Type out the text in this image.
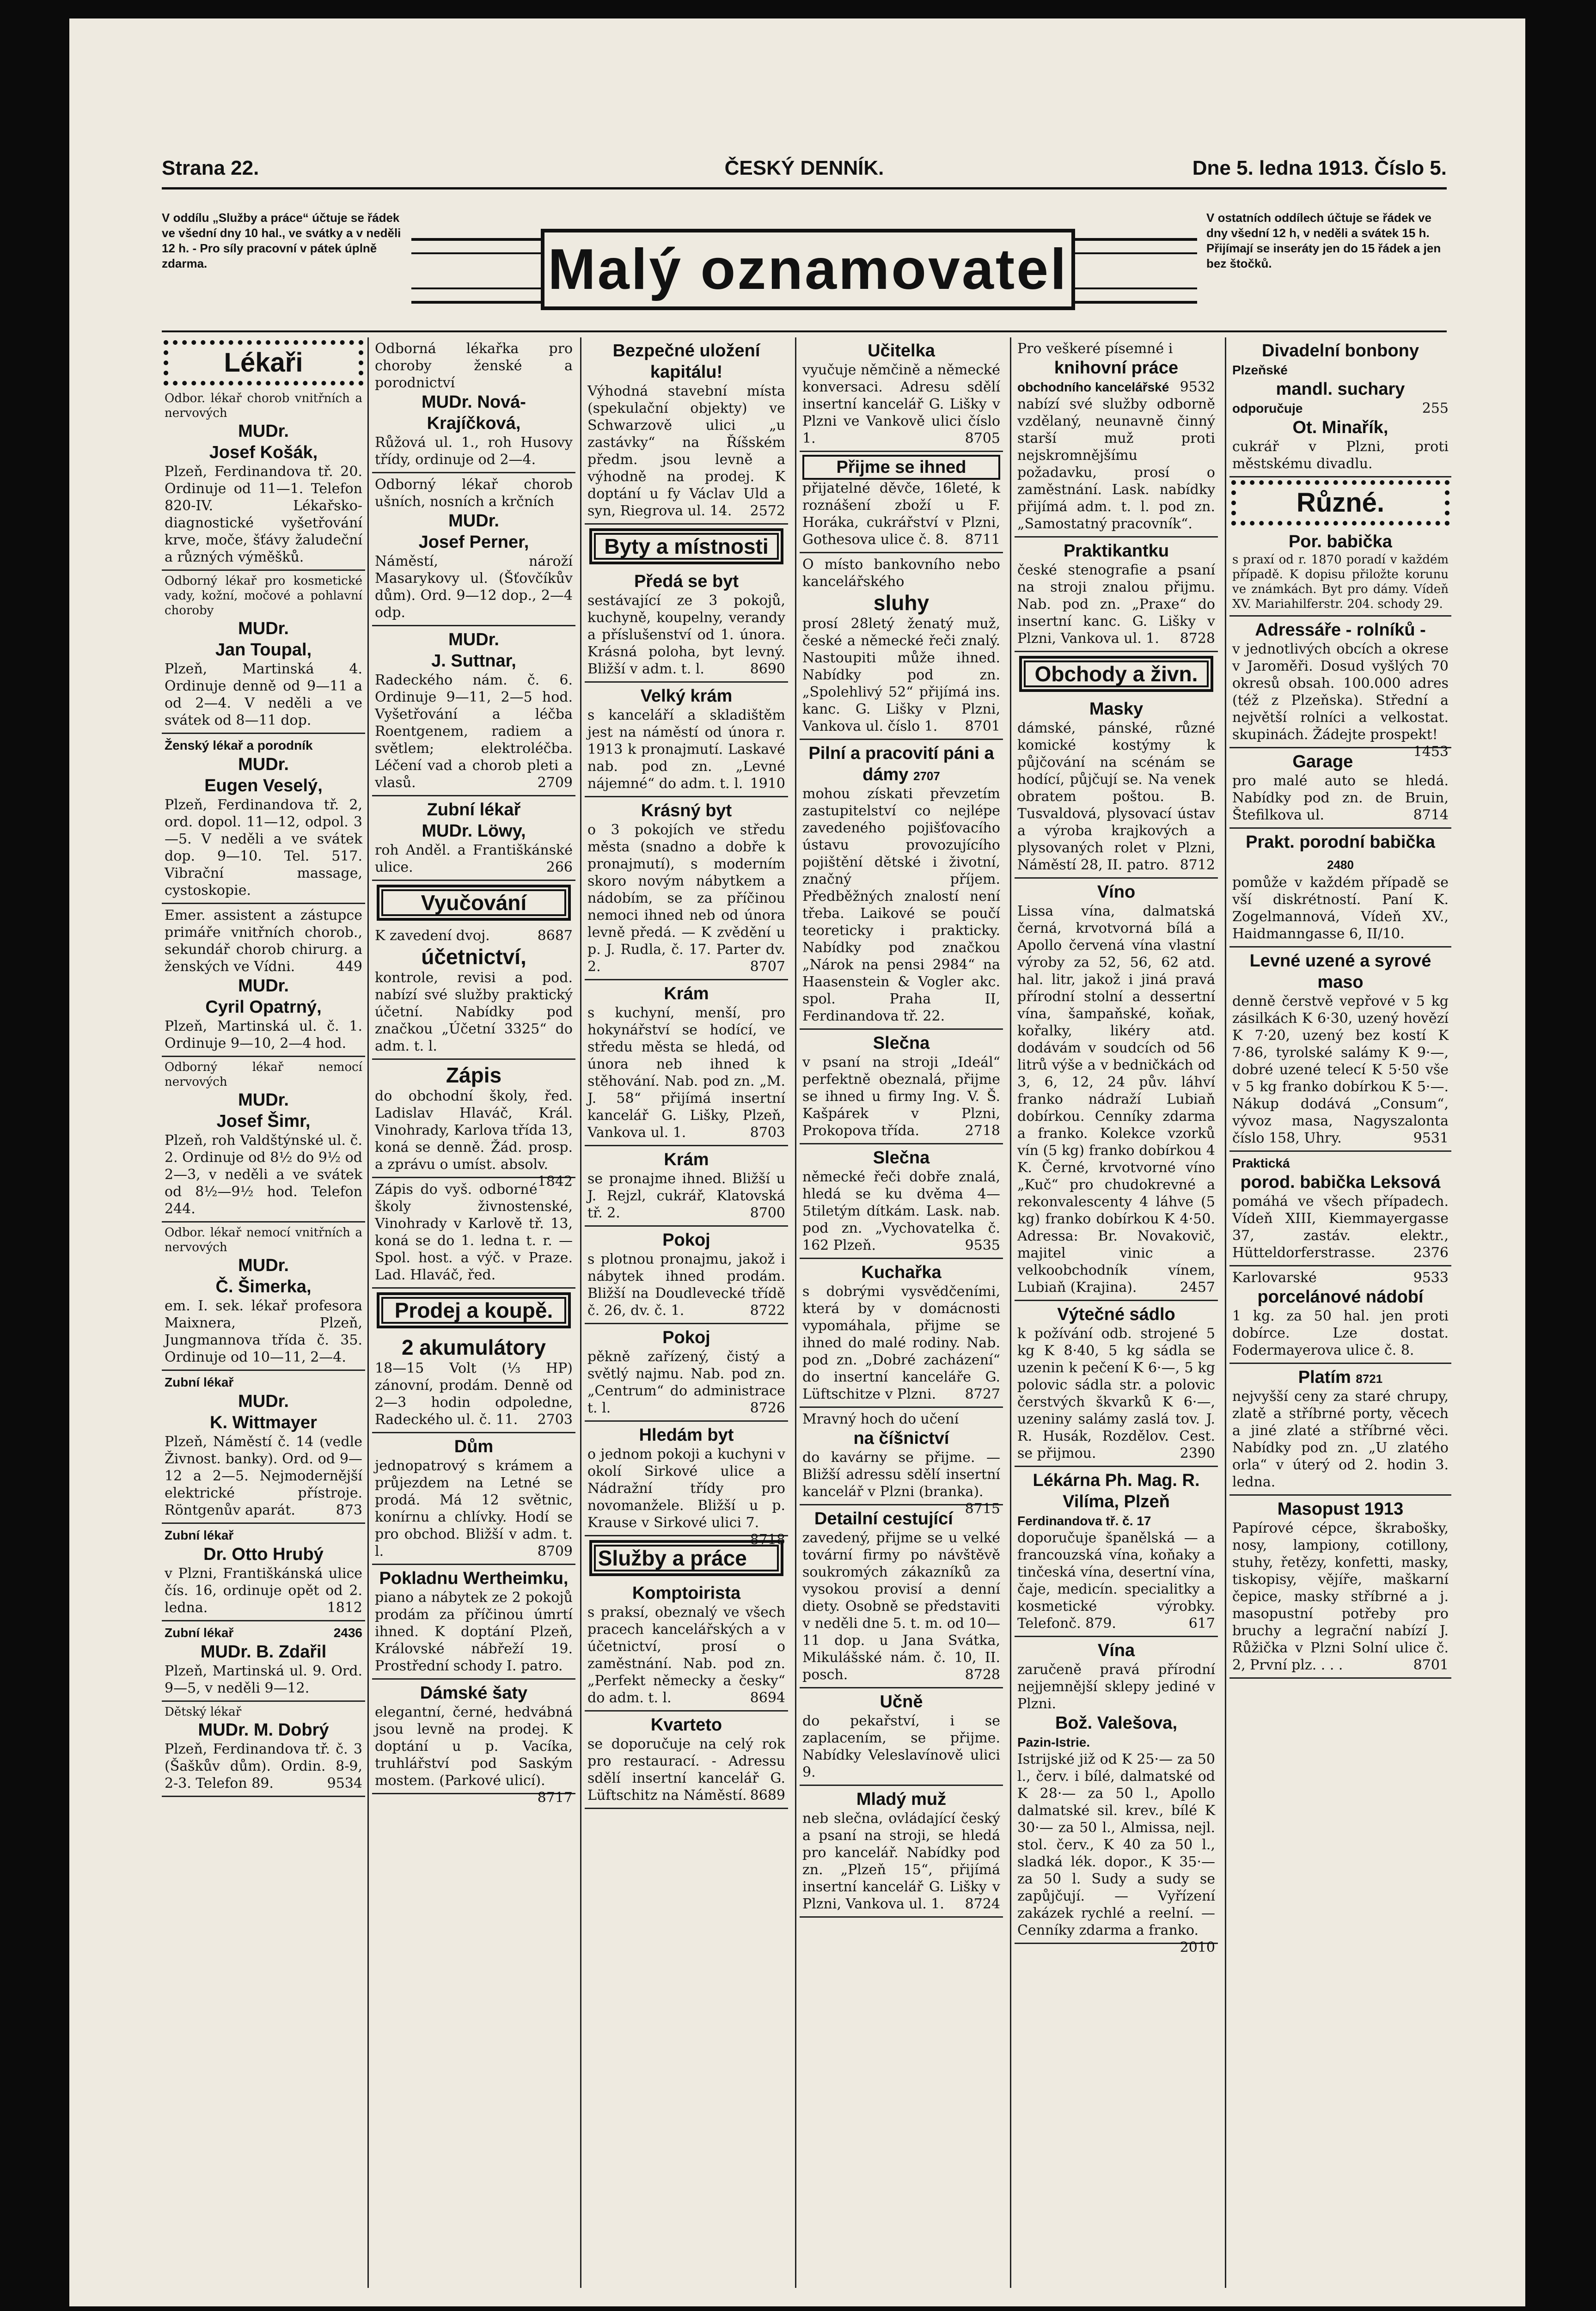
Strana 22.	ČESKÝ DENNÍK.	Dne 5. ledna 1913. Číslo 5.
V oddílu „Služby a práce“ účtuje se řádek ve všední dny 10 hal., ve svátky a v neděli 12 h. - Pro síly pracovní v pátek úplně zdarma.	Malý oznamovatel
V ostatních oddílech účtuje se řádek ve dny všední 12 h, v neděli a svátek 15 h. Přijímají se inseráty jen do 15 řádek a jen bez štočků.
Lékaři

Odbor. lékař chorob vnitřních a nervových

MUDr.
Josef Košák,

Plzeň, Ferdinandova tř. 20. Ordinuje od 11—1. Telefon 820-IV. Lékařsko-diagnostické vyšetřování krve, moče, šťávy žaludeční a různých výměšků.

Odborný lékař pro kosmetické vady, kožní, močové a pohlavní choroby

MUDr.
Jan Toupal,

Plzeň, Martinská 4. Ordinuje denně od 9—11 a od 2—4. V neděli a ve svátek od 8—11 dop.

Ženský lékař a porodník

MUDr.
Eugen Veselý,

Plzeň, Ferdinandova tř. 2, ord. dopol. 11—12, odpol. 3—5. V neděli a ve svátek dop. 9—10. Tel. 517. Vibrační massage, cystoskopie.

Emer. assistent a zástupce primáře vnitřních chorob., sekundář chorob chirurg. a ženských ve Vídni.	449

MUDr.
Cyril Opatrný,

Plzeň, Martinská ul. č. 1. Ordinuje 9—10, 2—4 hod.

Odborný lékař nemocí nervových

MUDr.
Josef Šimr,

Plzeň, roh Valdštýnské ul. č. 2. Ordinuje od 8½ do 9½ od 2—3, v neděli a ve svátek od 8½—9½ hod. Telefon 244.

Odbor. lékař nemocí vnitřních a nervových

MUDr.
Č. Šimerka,

em. I. sek. lékař profesora Maixnera, Plzeň, Jungmannova třída č. 35. Ordinuje od 10—11, 2—4.

Zubní lékař

MUDr.
K. Wittmayer

Plzeň, Náměstí č. 14 (vedle Živnost. banky). Ord. od 9—12 a 2—5. Nejmodernější elektrické přístroje. Röntgenův aparát.	873

Zubní lékař

Dr. Otto Hrubý

v Plzni, Františkánská ulice čís. 16, ordinuje opět od 2. ledna.	1812

Zubní lékař	2436

MUDr. B. Zdařil

Plzeň, Martinská ul. 9. Ord. 9—5, v neděli 9—12.

Dětský lékař

MUDr. M. Dobrý

Plzeň, Ferdinandova tř. č. 3 (Šaškův dům). Ordin. 8-9, 2-3. Telefon 89.	9534

Odborná lékařka pro choroby ženské a porodnictví

MUDr. Nová-Krajíčková,

Růžová ul. 1., roh Husovy třídy, ordinuje od 2—4.

Odborný lékař chorob ušních, nosních a krčních

MUDr.
Josef Perner,

Náměstí, nároží Masarykovy ul. (Šťovčíkův dům). Ord. 9—12 dop., 2—4 odp.

MUDr.
J. Suttnar,

Radeckého nám. č. 6. Ordinuje 9—11, 2—5 hod. Vyšetřování a léčba Roentgenem, radiem a světlem; elektroléčba. Léčení vad a chorob pleti a vlasů.	2709

Zubní lékař
MUDr. Löwy,

roh Anděl. a Františkánské ulice.	266

Vyučování

K zavedení dvoj.	8687

účetnictví,

kontrole, revisi a pod. nabízí své služby praktický účetní. Nabídky pod značkou „Účetní 3325“ do adm. t. l.

Zápis

do obchodní školy, řed. Ladislav Hlaváč, Král. Vinohrady, Karlova třída 13, koná se denně. Žád. prosp. a zprávu o umíst. absolv.
1842

Zápis do vyš. odborné školy živnostenské, Vinohrady v Karlově tř. 13, koná se do 1. ledna t. r. — Spol. host. a výč. v Praze. Lad. Hlaváč, řed.

Prodej a koupě.
2 akumulátory

18—15 Volt (⅓ HP) zánovní, prodám. Denně od 2—3 hodin odpoledne, Radeckého ul. č. 11. 2703

Dům

jednopatrový s krámem a průjezdem na Letné se prodá. Má 12 světnic, konírnu a chlívky. Hodí se pro obchod. Bližší v adm. t. l.	8709

Pokladnu Wertheimku,

piano a nábytek ze 2 pokojů prodám za příčinou úmrtí ihned. K doptání Plzeň, Královské nábřeží 19. Prostřední schody I. patro.

Dámské šaty

elegantní, černé, hedvábná jsou levně na prodej. K doptání u p. Vacíka, truhlářství pod Saským mostem. (Parkové ulicí).
8717

Bezpečné uložení kapitálu!

Výhodná stavební místa (spekulační objekty) ve Schwarzově ulici „u zastávky“ na Říšském předm. jsou levně a výhodně na prodej. K doptání u fy Václav Uld a syn, Riegrova ul. 14. 2572

Byty a místnosti
Předá se byt

sestávající ze 3 pokojů, kuchyně, koupelny, verandy a příslušenství od 1. února. Krásná poloha, byt levný. Bližší v adm. t. l.	8690

Velký krám

s kanceláří a skladištěm jest na náměstí od února r. 1913 k pronajmutí. Laskavé nab. pod zn. „Levné nájemné“ do adm. t. l. 1910

Krásný byt

o 3 pokojích ve středu města (snadno a dobře k pronajmutí), s moderním skoro novým nábytkem a nádobím, se za příčinou nemoci ihned neb od února levně předá. — K zvědění u p. J. Rudla, č. 17. Parter dv. 2.	8707

Krám

s kuchyní, menší, pro hokynářství se hodící, ve středu města se hledá, od února neb ihned k stěhování. Nab. pod zn. „M. J. 58“ přijímá insertní kancelář G. Lišky, Plzeň, Vankova ul. 1.	8703

Krám

se pronajme ihned. Bližší u J. Rejzl, cukrář, Klatovská tř. 2.	8700

Pokoj

s plotnou pronajmu, jakož i nábytek ihned prodám. Bližší na Doudlevecké třídě č. 26, dv. č. 1.	8722

Pokoj

pěkně zařízený, čistý a světlý najmu. Nab. pod zn. „Centrum“ do administrace t. l.	8726

Hledám byt

o jednom pokoji a kuchyni v okolí Sirkové ulice a Nádražní třídy pro novomanžele. Bližší u p. Krause v Sirkové ulici 7.
8718

Služby a práce
Komptoirista

s praksí, obeznalý ve všech pracech kancelářských a v účetnictví, prosí o zaměstnání. Nab. pod zn. „Perfekt německy a česky“ do adm. t. l.	8694

Kvarteto

se doporučuje na celý rok pro restaurací. - Adressu sdělí insertní kancelář G. Lüftschitz na Náměstí. 8689

Učitelka

vyučuje němčině a německé konversaci. Adresu sdělí insertní kancelář G. Lišky v Plzni ve Vankově ulici číslo 1.	8705

Přijme se ihned

přijatelné děvče, 16leté, k roznášení zboží u F. Horáka, cukrářství v Plzni, Gothesova ulice č. 8. 8711

O místo bankovního nebo kancelářského

sluhy

prosí 28letý ženatý muž, české a německé řeči znalý. Nastoupiti může ihned. Nabídky pod zn. „Spolehlivý 52“ přijímá ins. kanc. G. Lišky v Plzni, Vankova ul. číslo 1. 8701

Pilní a pracovití páni a dámy 2707

mohou získati převzetím zastupitelství co nejlépe zavedeného pojišťovacího ústavu provozujícího pojištění dětské i životní, značný příjem. Předběžných znalostí není třeba. Laikové se poučí teoreticky i prakticky. Nabídky pod značkou „Nárok na pensi 2984“ na Haasenstein & Vogler akc. spol. Praha II, Ferdinandova tř. 22.

Slečna

v psaní na stroji „Ideál“ perfektně obeznalá, přijme se ihned u firmy Ing. V. Š. Kašpárek v Plzni, Prokopova třída.	2718

Slečna

německé řeči dobře znalá, hledá se ku dvěma 4—5tiletým dítkám. Lask. nab. pod zn. „Vychovatelka č. 162 Plzeň.	9535

Kuchařka

s dobrými vysvědčeními, která by v domácnosti vypomáhala, přijme se ihned do malé rodiny. Nab. pod zn. „Dobré zacházení“ do insertní kanceláře G. Lüftschitze v Plzni. 8727

Mravný hoch do učení

na číšnictví

do kavárny se přijme. — Bližší adressu sdělí insertní kancelář v Plzni (branka).
8715

Detailní cestující

zavedený, přijme se u velké tovární firmy po návštěvě soukromých zákazníků za vysokou provisí a denní diety. Osobně se představiti v neděli dne 5. t. m. od 10—11 dop. u Jana Svátka, Mikulášské nám. č. 10, II. posch.	8728

Učně

do pekařství, i se zaplacením, se přijme. Nabídky Veleslavínově ulici 9.

Mladý muž

neb slečna, ovládající český a psaní na stroji, se hledá pro kancelář. Nabídky pod zn. „Plzeň 15“, přijímá insertní kancelář G. Lišky v Plzni, Vankova ul. 1. 8724

Pro veškeré písemné i

knihovní práce

obchodního kancelářské 9532

nabízí své služby odborně vzdělaný, neunavně činný starší muž proti nejskromnějšímu požadavku, prosí o zaměstnání. Lask. nabídky přijímá adm. t. l. pod zn. „Samostatný pracovník“.

Praktikantku

české stenografie a psaní na stroji znalou přijmu. Nab. pod zn. „Praxe“ do insertní kanc. G. Lišky v Plzni, Vankova ul. 1. 8728

Obchody a živn.
Masky

dámské, pánské, různé komické kostýmy k půjčování na scénám se hodící, půjčují se. Na venek obratem poštou. B. Tusvaldová, plysovací ústav a výroba krajkových a plysovaných rolet v Plzni, Náměstí 28, II. patro. 8712

Víno

Lissa vína, dalmatská černá, krvotvorná bílá a Apollo červená vína vlastní výroby za 52, 56, 62 atd. hal. litr, jakož i jiná pravá přírodní stolní a dessertní vína, šampaňské, koňak, kořalky, likéry atd. dodávám v soudcích od 56 litrů výše a v bedničkách od 3, 6, 12, 24 pův. láhví franko nádraží Lubiaň dobírkou. Cenníky zdarma a franko. Kolekce vzorků vín (5 kg) franko dobírkou 4 K. Černé, krvotvorné víno „Kuč“ pro chudokrevné a rekonvalescenty 4 láhve (5 kg) franko dobírkou K 4·50. Adressa: Br. Novakovič, majitel vinic a velkoobchodník vínem, Lubiaň (Krajina).	2457

Výtečné sádlo

k požívání odb. strojené 5 kg K 8·40, 5 kg sádla se uzenin k pečení K 6·—, 5 kg polovic sádla str. a polovic čerstvých škvarků K 6·—, uzeniny salámy zaslá tov. J. R. Husák, Rozdělov. Cest. se přijmou.	2390

Lékárna Ph. Mag. R. Vilíma, Plzeň

Ferdinandova tř. č. 17

doporučuje španělská — a francouzská vína, koňaky a tinčeská vína, desertní vína, čaje, medicín. specialitky a kosmetické výrobky. Telefonč. 879.	617

Vína

zaručeně pravá přírodní nejjemnější sklepy jediné v Plzni.

Bož. Valešova,

Pazin-Istrie.

Istrijské již od K 25·— za 50 l., červ. i bílé, dalmatské od K 28·— za 50 l., Apollo dalmatské sil. krev., bílé K 30·— za 50 l., Almissa, nejl. stol. červ., K 40 za 50 l., sladká lék. dopor., K 35·— za 50 l. Sudy a sudy se zapůjčují. — Vyřízení zakázek rychlé a reelní. — Cenníky zdarma a franko.
2010

Divadelní bonbony

Plzeňské

mandl. suchary

odporučuje	255

Ot. Minařík,

cukrář v Plzni, proti městskému divadlu.

Různé.
Por. babička

s praxí od r. 1870 poradí v každém případě. K dopisu přiložte korunu ve známkách. Byt pro dámy. Vídeň XV. Mariahilferstr. 204. schody 29.

Adressáře - rolníků -

v jednotlivých obcích a okrese v Jaroměři. Dosud vyšlých 70 okresů obsah. 100.000 adres (též z Plzeňska). Střední a největší rolníci a velkostat. skupinách. Žádejte prospekt!
1453

Garage

pro malé auto se hledá. Nabídky pod zn. de Bruin, Štefilkova ul.	8714

Prakt. porodní babička 2480

pomůže v každém případě se vší diskrétností. Paní K. Zogelmannová, Vídeň XV., Haidmanngasse 6, II/10.

Levné uzené a syrové maso

denně čerstvě vepřové v 5 kg zásilkách K 6·30, uzený hovězí K 7·20, uzený bez kostí K 7·86, tyrolské salámy K 9·—, dobré uzené telecí K 5·50 vše v 5 kg franko dobírkou K 5·—. Nákup dodává „Consum“, vývoz masa, Nagyszalonta číslo 158, Uhry.	9531

Praktická

porod. babička Leksová

pomáhá ve všech případech. Vídeň XIII, Kiemmayergasse 37, zastáv. elektr., Hütteldorferstrasse.	2376

Karlovarské	9533

porcelánové nádobí

1 kg. za 50 hal. jen proti dobírce. Lze dostat. Fodermayerova ulice č. 8.

Platím 8721

nejvyšší ceny za staré chrupy, zlatě a stříbrné porty, věcech a jiné zlaté a stříbrné věci. Nabídky pod zn. „U zlatého orla“ v úterý od 2. hodin 3. ledna.

Masopust 1913

Papírové cépce, škrabošky, nosy, lampiony, cotillony, stuhy, řetězy, konfetti, masky, tiskopisy, vějíře, maškarní čepice, masky stříbrné a j. masopustní potřeby pro bruchy a legrační nabízí J. Růžička v Plzni Solní ulice č. 2, První plz. . . .	8701
